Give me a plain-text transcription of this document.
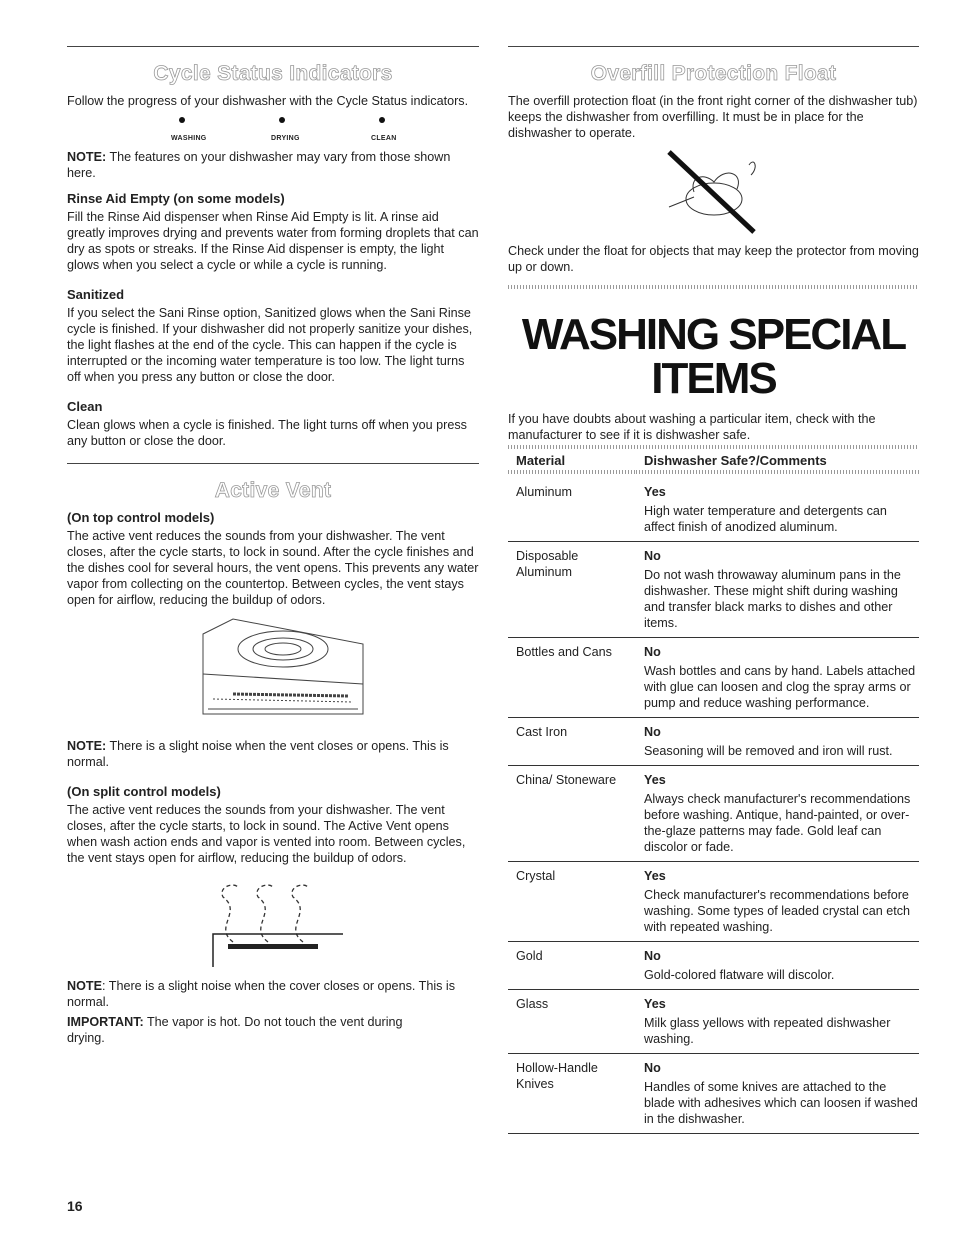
Cycle Status Indicators

Follow the progress of your dishwasher with the Cycle Status indicators.

WASHING	DRYING	CLEAN

NOTE: The features on your dishwasher may vary from those shown here.

Rinse Aid Empty (on some models)

Fill the Rinse Aid dispenser when Rinse Aid Empty is lit. A rinse aid greatly improves drying and prevents water from forming droplets that can dry as spots or streaks. If the Rinse Aid dispenser is empty, the light glows when you select a cycle or while a cycle is running.

Sanitized

If you select the Sani Rinse option, Sanitized glows when the Sani Rinse cycle is finished. If your dishwasher did not properly sanitize your dishes, the light flashes at the end of the cycle. This can happen if the cycle is interrupted or the incoming water temperature is too low. The light turns off when you press any button or close the door.

Clean

Clean glows when a cycle is finished. The light turns off when you press any button or close the door.

Active Vent
(On top control models)

The active vent reduces the sounds from your dishwasher. The vent closes, after the cycle starts, to lock in sound. After the cycle finishes and the dishes cool for several hours, the vent opens. This prevents any water vapor from collecting on the countertop. Between cycles, the vent stays open for airflow, reducing the buildup of odors.

NOTE: There is a slight noise when the vent closes or opens. This is normal.

(On split control models)

The active vent reduces the sounds from your dishwasher. The vent closes, after the cycle starts, to lock in sound. The Active Vent opens when wash action ends and vapor is vented into room. Between cycles, the vent stays open for airflow, reducing the buildup of odors.

NOTE: There is a slight noise when the cover closes or opens. This is normal.

IMPORTANT: The vapor is hot. Do not touch the vent during drying.

Overfill Protection Float

The overfill protection float (in the front right corner of the dishwasher tub) keeps the dishwasher from overfilling. It must be in place for the dishwasher to operate.

Check under the float for objects that may keep the protector from moving up or down.

WASHING SPECIAL
ITEMS

If you have doubts about washing a particular item, check with the manufacturer to see if it is dishwasher safe.

Material	Dishwasher Safe?/Comments
Aluminum	Yes
High water temperature and detergents can affect finish of anodized aluminum.

Disposable Aluminum	No
Do not wash throwaway aluminum pans in the dishwasher. These might shift during washing and transfer black marks to dishes and other items.

Bottles and Cans	No
Wash bottles and cans by hand. Labels attached with glue can loosen and clog the spray arms or pump and reduce washing performance.

Cast Iron	No
Seasoning will be removed and iron will rust.

China/ Stoneware	Yes
Always check manufacturer's recommendations before washing. Antique, hand-painted, or over-the-glaze patterns may fade. Gold leaf can discolor or fade.

Crystal	Yes
Check manufacturer's recommendations before washing. Some types of leaded crystal can etch with repeated washing.

Gold	No
Gold-colored flatware will discolor.

Glass	Yes
Milk glass yellows with repeated dishwasher washing.

Hollow-Handle Knives	No
Handles of some knives are attached to the blade with adhesives which can loosen if washed in the dishwasher.
16
